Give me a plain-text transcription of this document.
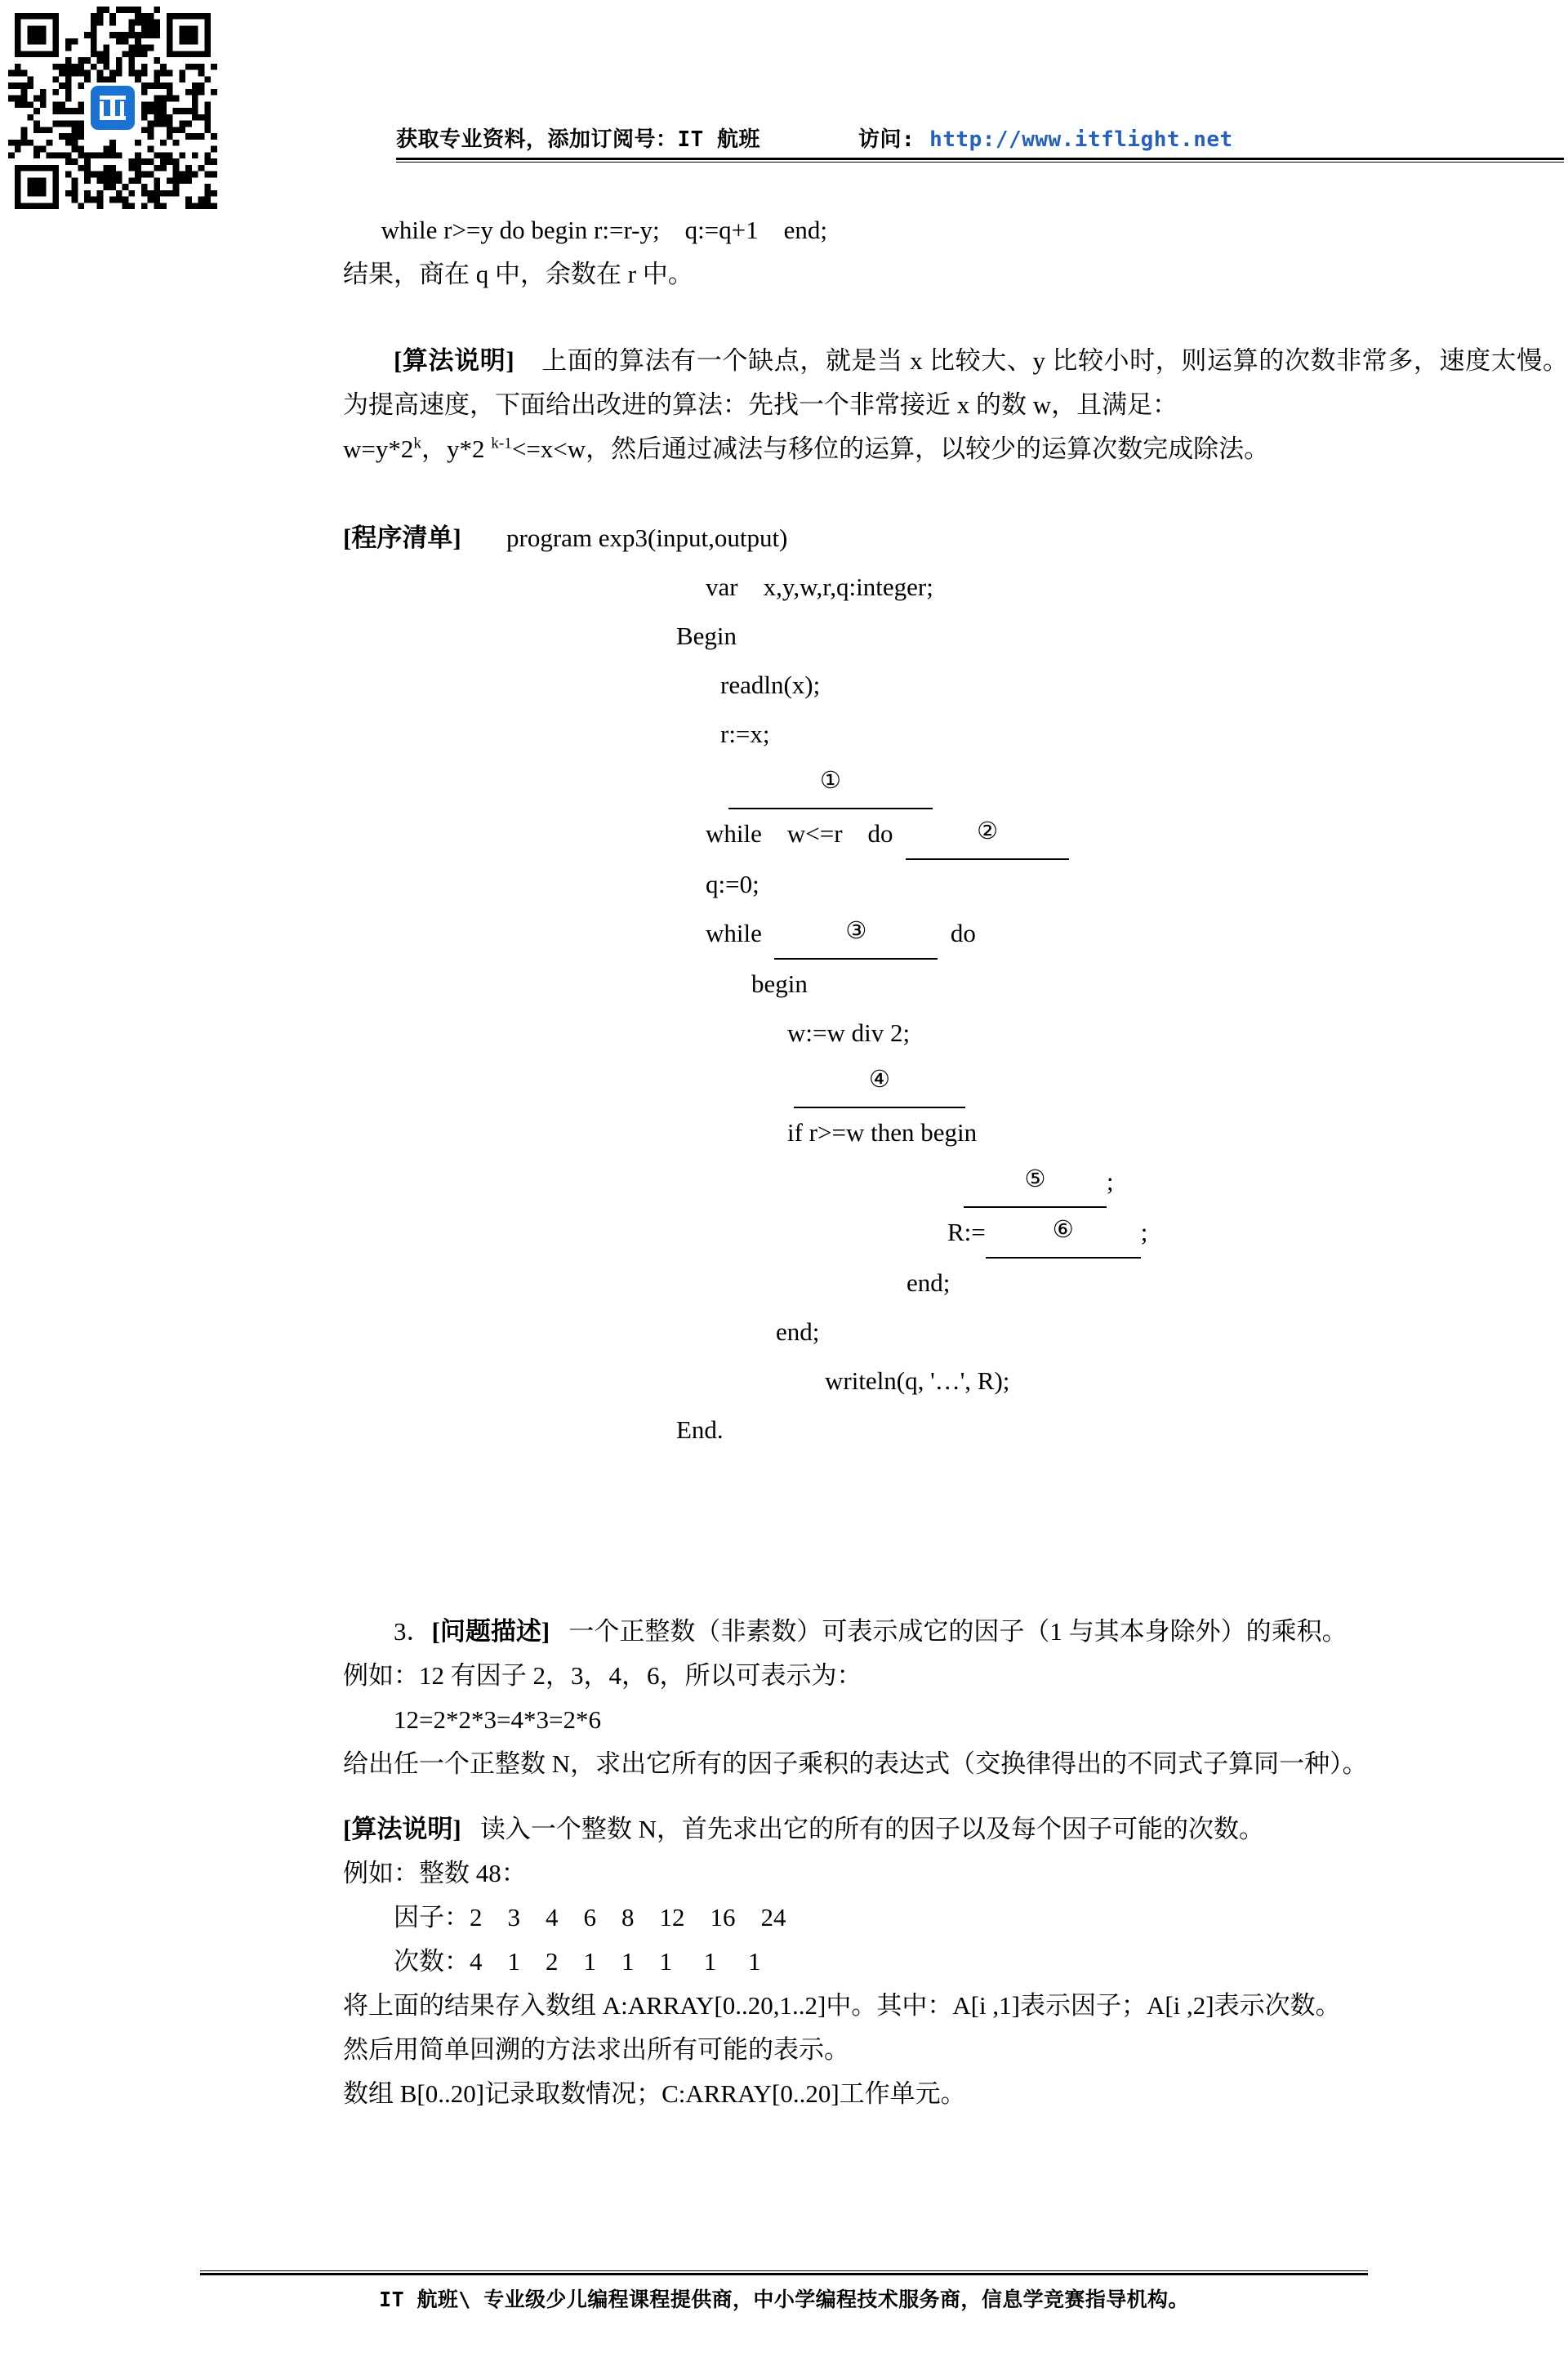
获取专业资料，添加订阅号：IT 航班	访问: http://www.itflight.net
while r>=y do begin r:=r-y;    q:=q+1    end;
结果，商在 q 中，余数在 r 中。
[算法说明] 上面的算法有一个缺点，就是当 x 比较大、y 比较小时，则运算的次数非常多，速度太慢。为提高速度，下面给出改进的算法：先找一个非常接近 x 的数 w，且满足：
$w=y*2^k$，y*2 $^{k-1}$<=x<w，然后通过减法与移位的运算，以较少的运算次数完成除法。
[程序清单] program exp3(input,output)
var    x,y,w,r,q:integer;
Begin
readln(x);
r:=x;
①
while    w<=r    do	②
q:=0;
while	③	do
begin
w:=w div 2;
④
if r>=w then begin
⑤ ;
R:=	⑥	;
end;
end;
writeln(q, '…', R);
End.
3．[问题描述] 一个正整数（非素数）可表示成它的因子（1 与其本身除外）的乘积。
例如：12 有因子 2，3，4，6，所以可表示为：
12=2*2*3=4*3=2*6
给出任一个正整数 N，求出它所有的因子乘积的表达式（交换律得出的不同式子算同一种）。
[算法说明] 读入一个整数 N，首先求出它的所有的因子以及每个因子可能的次数。
例如：整数 48：
因子：2    3    4    6    8    12    16    24
次数：4    1    2    1    1    1     1     1
将上面的结果存入数组 A:ARRAY[0..20,1..2]中。其中：A[i ,1]表示因子；A[i ,2]表示次数。
然后用简单回溯的方法求出所有可能的表示。
数组 B[0..20]记录取数情况；C:ARRAY[0..20]工作单元。
IT 航班\ 专业级少儿编程课程提供商，中小学编程技术服务商，信息学竞赛指导机构。
